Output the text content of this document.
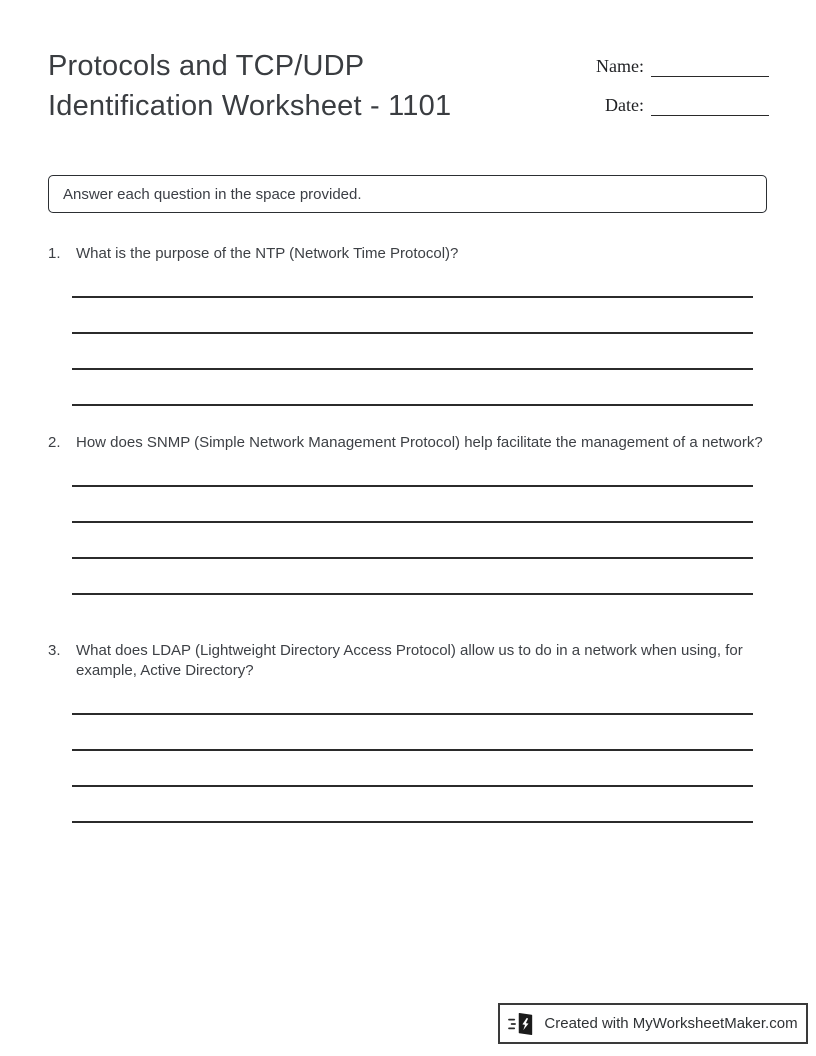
Protocols and TCP/UDP
Identification Worksheet - 1101
Name:
Date:
Answer each question in the space provided.
1.	What is the purpose of the NTP (Network Time Protocol)?
2.	How does SNMP (Simple Network Management Protocol) help facilitate the management of a network?
3.	What does LDAP (Lightweight Directory Access Protocol) allow us to do in a network when using, for example, Active Directory?
Created with MyWorksheetMaker.com
